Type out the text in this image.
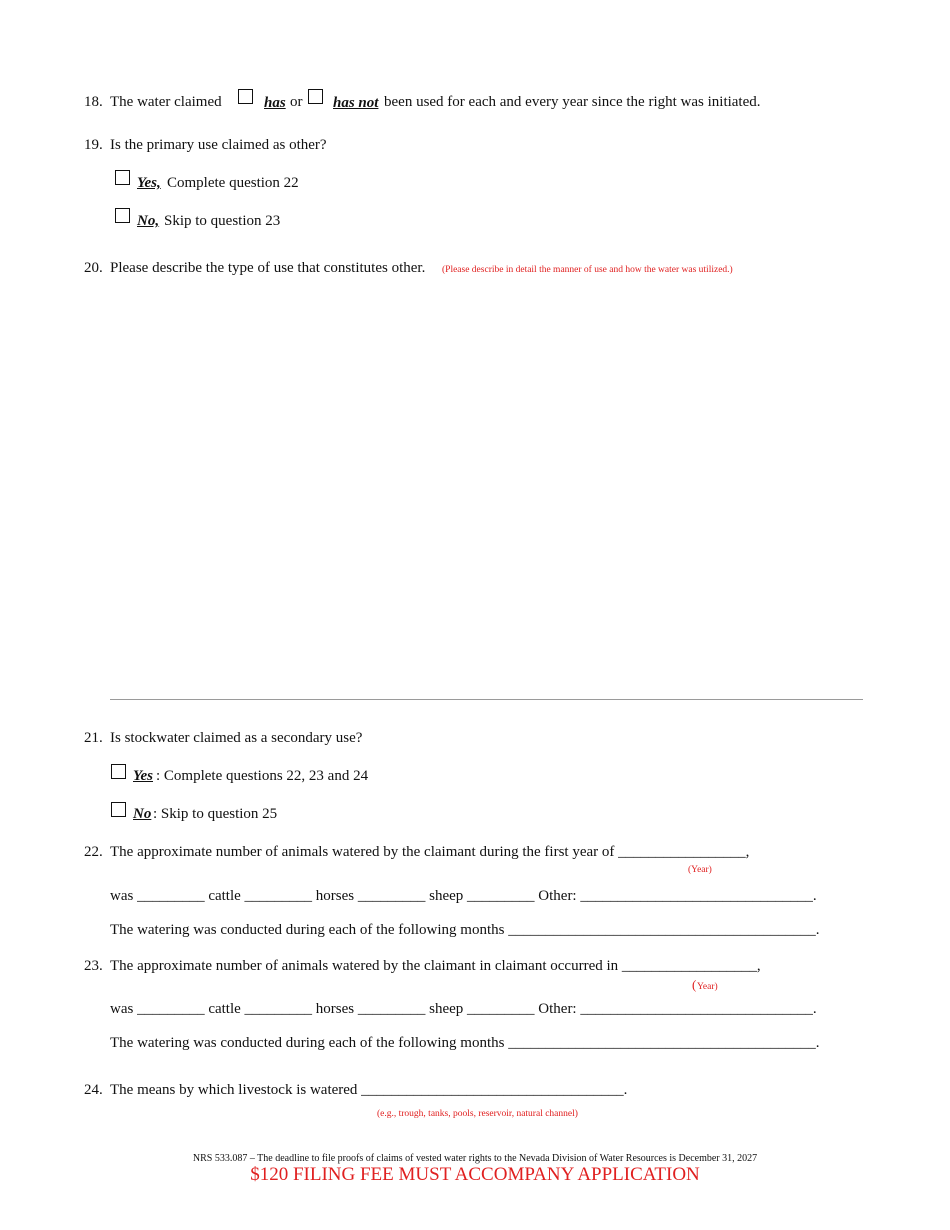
18. The water claimed	has or has not been used for each and every year since the right was initiated.
19. Is the primary use claimed as other?
Yes, Complete question 22
No, Skip to question 23
20. Please describe the type of use that constitutes other. (Please describe in detail the manner of use and how the water was utilized.)
21. Is stockwater claimed as a secondary use?
Yes : Complete questions 22, 23 and 24
No : Skip to question 25
22. The approximate number of animals watered by the claimant during the first year of _________________,
(Year)
was _________ cattle _________ horses _________ sheep _________ Other: _______________________________.
The watering was conducted during each of the following months _________________________________________.
23. The approximate number of animals watered by the claimant in claimant occurred in __________________,
( Year)
was _________ cattle _________ horses _________ sheep _________ Other: _______________________________.
The watering was conducted during each of the following months _________________________________________.
24. The means by which livestock is watered ___________________________________.
(e.g., trough, tanks, pools, reservoir, natural channel)
NRS 533.087 – The deadline to file proofs of claims of vested water rights to the Nevada Division of Water Resources is December 31, 2027
$120 FILING FEE MUST ACCOMPANY APPLICATION
